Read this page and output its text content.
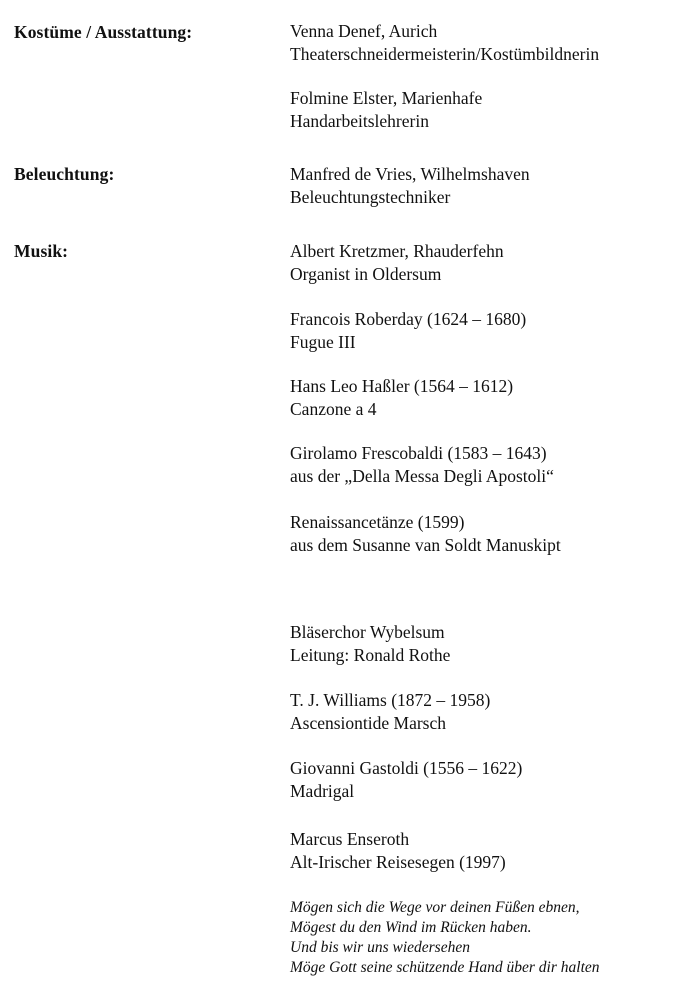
Kostüme / Ausstattung:
Beleuchtung:
Musik:
Venna Denef, Aurich
Theaterschneidermeisterin/Kostümbildnerin
Folmine Elster, Marienhafe
Handarbeitslehrerin
Manfred de Vries, Wilhelmshaven
Beleuchtungstechniker
Albert Kretzmer, Rhauderfehn
Organist in Oldersum
Francois Roberday (1624 – 1680)
Fugue III
Hans Leo Haßler (1564 – 1612)
Canzone a 4
Girolamo Frescobaldi (1583 – 1643)
aus der „Della Messa Degli Apostoli“
Renaissancetänze (1599)
aus dem Susanne van Soldt Manuskipt
Bläserchor Wybelsum
Leitung: Ronald Rothe
T. J. Williams (1872 – 1958)
Ascensiontide Marsch
Giovanni Gastoldi (1556 – 1622)
Madrigal
Marcus Enseroth
Alt-Irischer Reisesegen (1997)
Mögen sich die Wege vor deinen Füßen ebnen,
Mögest du den Wind im Rücken haben.
Und bis wir uns wiedersehen
Möge Gott seine schützende Hand über dir halten
